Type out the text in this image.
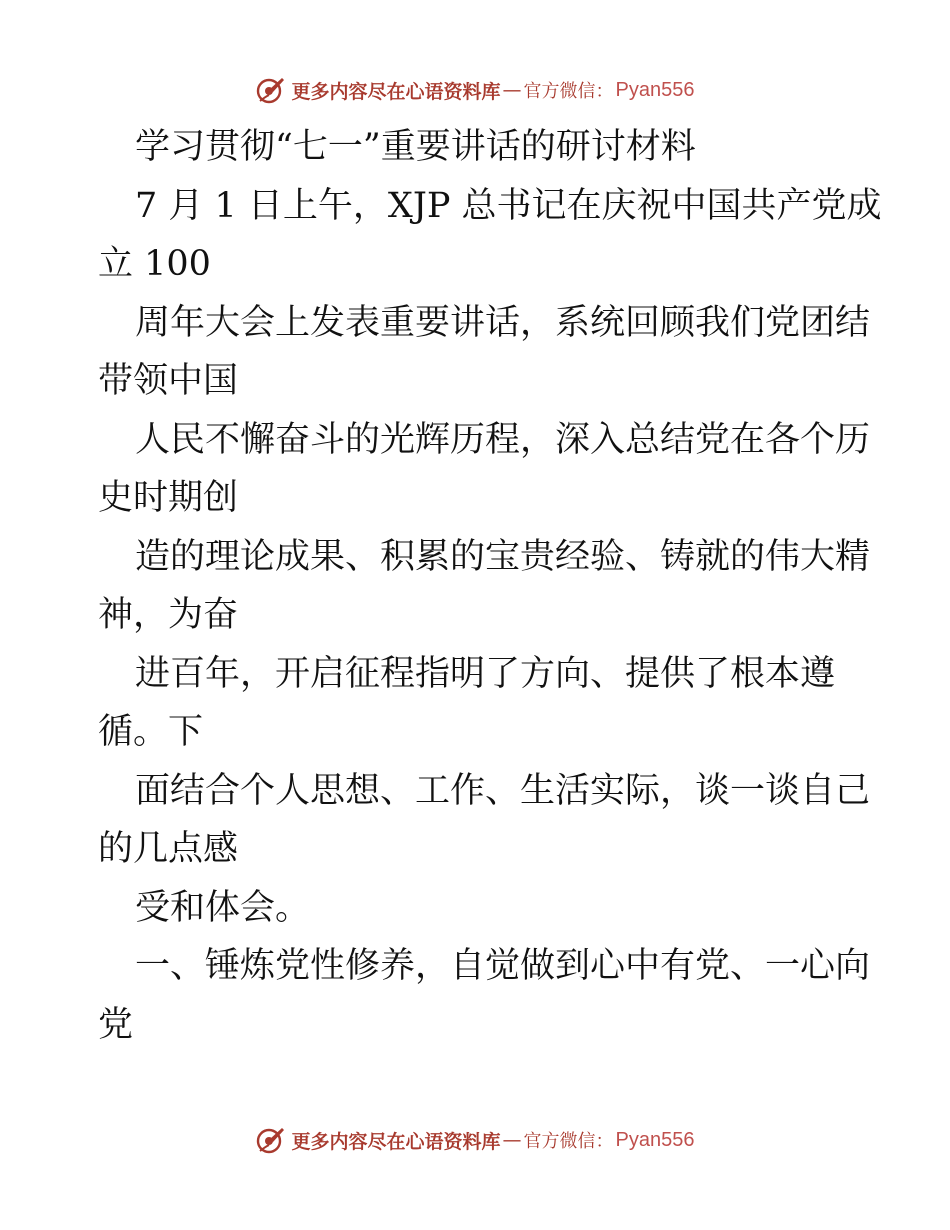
更多内容尽在心语资料库 — 官方微信： Pyan556
学习贯彻“七一”重要讲话的研讨材料
7 月 1 日上午，XJP 总书记在庆祝中国共产党成
立 100
周年大会上发表重要讲话，系统回顾我们党团结
带领中国
人民不懈奋斗的光辉历程，深入总结党在各个历
史时期创
造的理论成果、积累的宝贵经验、铸就的伟大精
神，为奋
进百年，开启征程指明了方向、提供了根本遵
循。下
面结合个人思想、工作、生活实际，谈一谈自己
的几点感
受和体会。
一、锤炼党性修养，自觉做到心中有党、一心向
党
更多内容尽在心语资料库 — 官方微信： Pyan556
